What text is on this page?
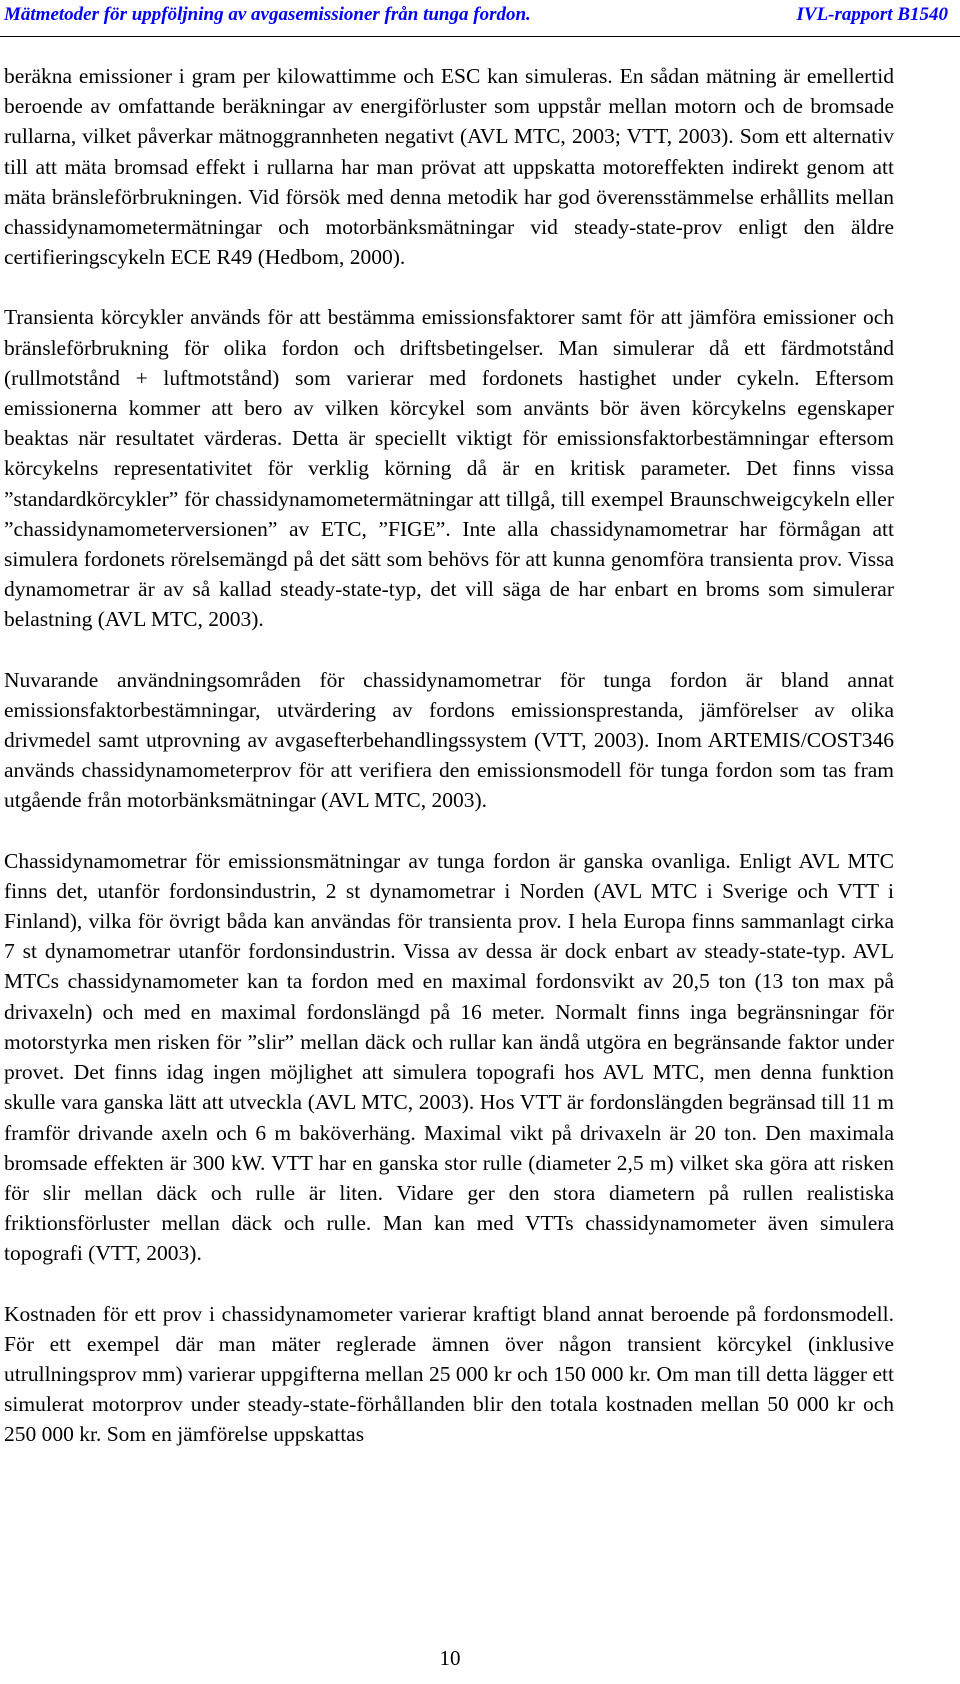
Mätmetoder för uppföljning av avgasemissioner från tunga fordon.	IVL-rapport B1540

beräkna emissioner i gram per kilowattimme och ESC kan simuleras. En sådan mätning är emellertid beroende av omfattande beräkningar av energiförluster som uppstår mellan motorn och de bromsade rullarna, vilket påverkar mätnoggrannheten negativt (AVL MTC, 2003; VTT, 2003). Som ett alternativ till att mäta bromsad effekt i rullarna har man prövat att uppskatta motoreffekten indirekt genom att mäta bränsleförbrukningen. Vid försök med denna metodik har god överensstämmelse erhållits mellan chassidynamometermätningar och motorbänksmätningar vid steady-state-prov enligt den äldre certifieringscykeln ECE R49 (Hedbom, 2000).

Transienta körcykler används för att bestämma emissionsfaktorer samt för att jämföra emissioner och bränsleförbrukning för olika fordon och driftsbetingelser. Man simulerar då ett färdmotstånd (rullmotstånd + luftmotstånd) som varierar med fordonets hastighet under cykeln. Eftersom emissionerna kommer att bero av vilken körcykel som använts bör även körcykelns egenskaper beaktas när resultatet värderas. Detta är speciellt viktigt för emissionsfaktorbestämningar eftersom körcykelns representativitet för verklig körning då är en kritisk parameter. Det finns vissa ”standardkörcykler” för chassidynamometermätningar att tillgå, till exempel Braunschweigcykeln eller ”chassidynamometerversionen” av ETC, ”FIGE”. Inte alla chassidynamometrar har förmågan att simulera fordonets rörelsemängd på det sätt som behövs för att kunna genomföra transienta prov. Vissa dynamometrar är av så kallad steady-state-typ, det vill säga de har enbart en broms som simulerar belastning (AVL MTC, 2003).

Nuvarande användningsområden för chassidynamometrar för tunga fordon är bland annat emissionsfaktorbestämningar, utvärdering av fordons emissionsprestanda, jämförelser av olika drivmedel samt utprovning av avgasefterbehandlingssystem (VTT, 2003). Inom ARTEMIS/COST346 används chassidynamometerprov för att verifiera den emissionsmodell för tunga fordon som tas fram utgående från motorbänksmätningar (AVL MTC, 2003).

Chassidynamometrar för emissionsmätningar av tunga fordon är ganska ovanliga. Enligt AVL MTC finns det, utanför fordonsindustrin, 2 st dynamometrar i Norden (AVL MTC i Sverige och VTT i Finland), vilka för övrigt båda kan användas för transienta prov. I hela Europa finns sammanlagt cirka 7 st dynamometrar utanför fordonsindustrin. Vissa av dessa är dock enbart av steady-state-typ. AVL MTCs chassidynamometer kan ta fordon med en maximal fordonsvikt av 20,5 ton (13 ton max på drivaxeln) och med en maximal fordonslängd på 16 meter. Normalt finns inga begränsningar för motorstyrka men risken för ”slir” mellan däck och rullar kan ändå utgöra en begränsande faktor under provet. Det finns idag ingen möjlighet att simulera topografi hos AVL MTC, men denna funktion skulle vara ganska lätt att utveckla (AVL MTC, 2003). Hos VTT är fordonslängden begränsad till 11 m framför drivande axeln och 6 m baköverhäng. Maximal vikt på drivaxeln är 20 ton. Den maximala bromsade effekten är 300 kW. VTT har en ganska stor rulle (diameter 2,5 m) vilket ska göra att risken för slir mellan däck och rulle är liten. Vidare ger den stora diametern på rullen realistiska friktionsförluster mellan däck och rulle. Man kan med VTTs chassidynamometer även simulera topografi (VTT, 2003).

Kostnaden för ett prov i chassidynamometer varierar kraftigt bland annat beroende på fordonsmodell. För ett exempel där man mäter reglerade ämnen över någon transient körcykel (inklusive utrullningsprov mm) varierar uppgifterna mellan 25 000 kr och 150 000 kr. Om man till detta lägger ett simulerat motorprov under steady-state-förhållanden blir den totala kostnaden mellan 50 000 kr och 250 000 kr. Som en jämförelse uppskattas

10
